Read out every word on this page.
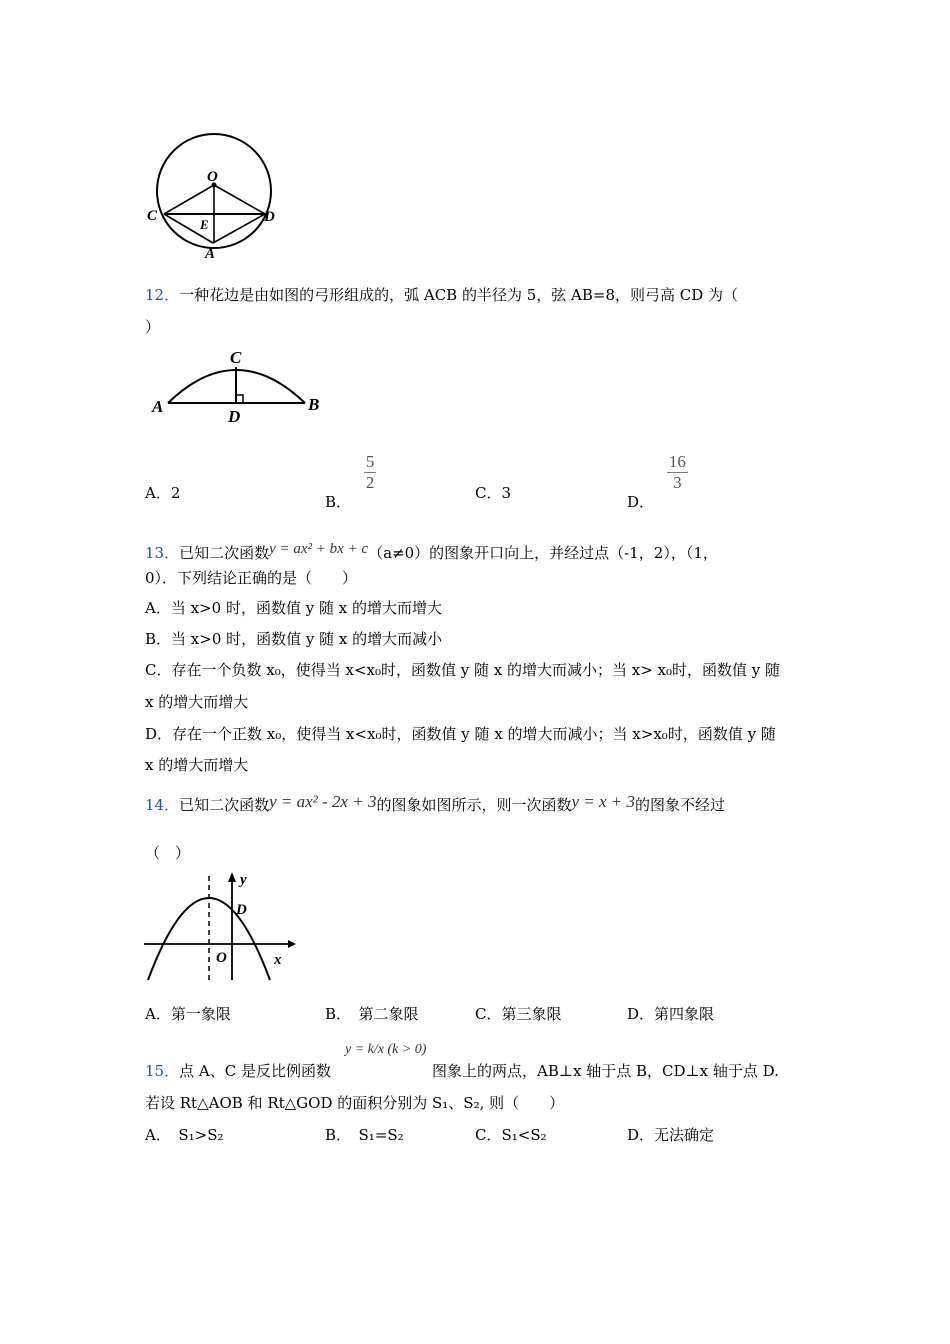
O
C
E	D
A
12．一种花边是由如图的弓形组成的，弧 ACB 的半径为 5，弦 AB=8，则弓高 CD 为（
）
C
A	B
D
A．2	B．
$\frac{5}{2}$	C．3	D．
$\frac{16}{3}$
13．已知二次函数y = ax² + bx + c（a≠0）的图象开口向上，并经过点（-1，2），（1，
0）．下列结论正确的是（　　）
A．当 x>0 时，函数值 y 随 x 的增大而增大
B．当 x>0 时，函数值 y 随 x 的增大而减小
C．存在一个负数 x₀，使得当 x<x₀时，函数值 y 随 x 的增大而减小；当 x> x₀时，函数值 y 随
x 的增大而增大
D．存在一个正数 x₀，使得当 x<x₀时，函数值 y 随 x 的增大而减小；当 x>x₀时，函数值 y 随
x 的增大而增大
14．已知二次函数y = ax² - 2x + 3的图象如图所示，则一次函数y = x + 3的图象不经过
（　）
y
D
O	x
A．第一象限	B．　第二象限	C．第三象限	D．第四象限
15．点 A、C 是反比例函数
y = k/x (k > 0)
图象上的两点，AB⊥x 轴于点 B，CD⊥x 轴于点 D.
若设 Rt△AOB 和 Rt△GOD 的面积分别为 S₁、S₂, 则（　　）
A．　S₁>S₂	B．　S₁=S₂	C．S₁<S₂	D．无法确定
